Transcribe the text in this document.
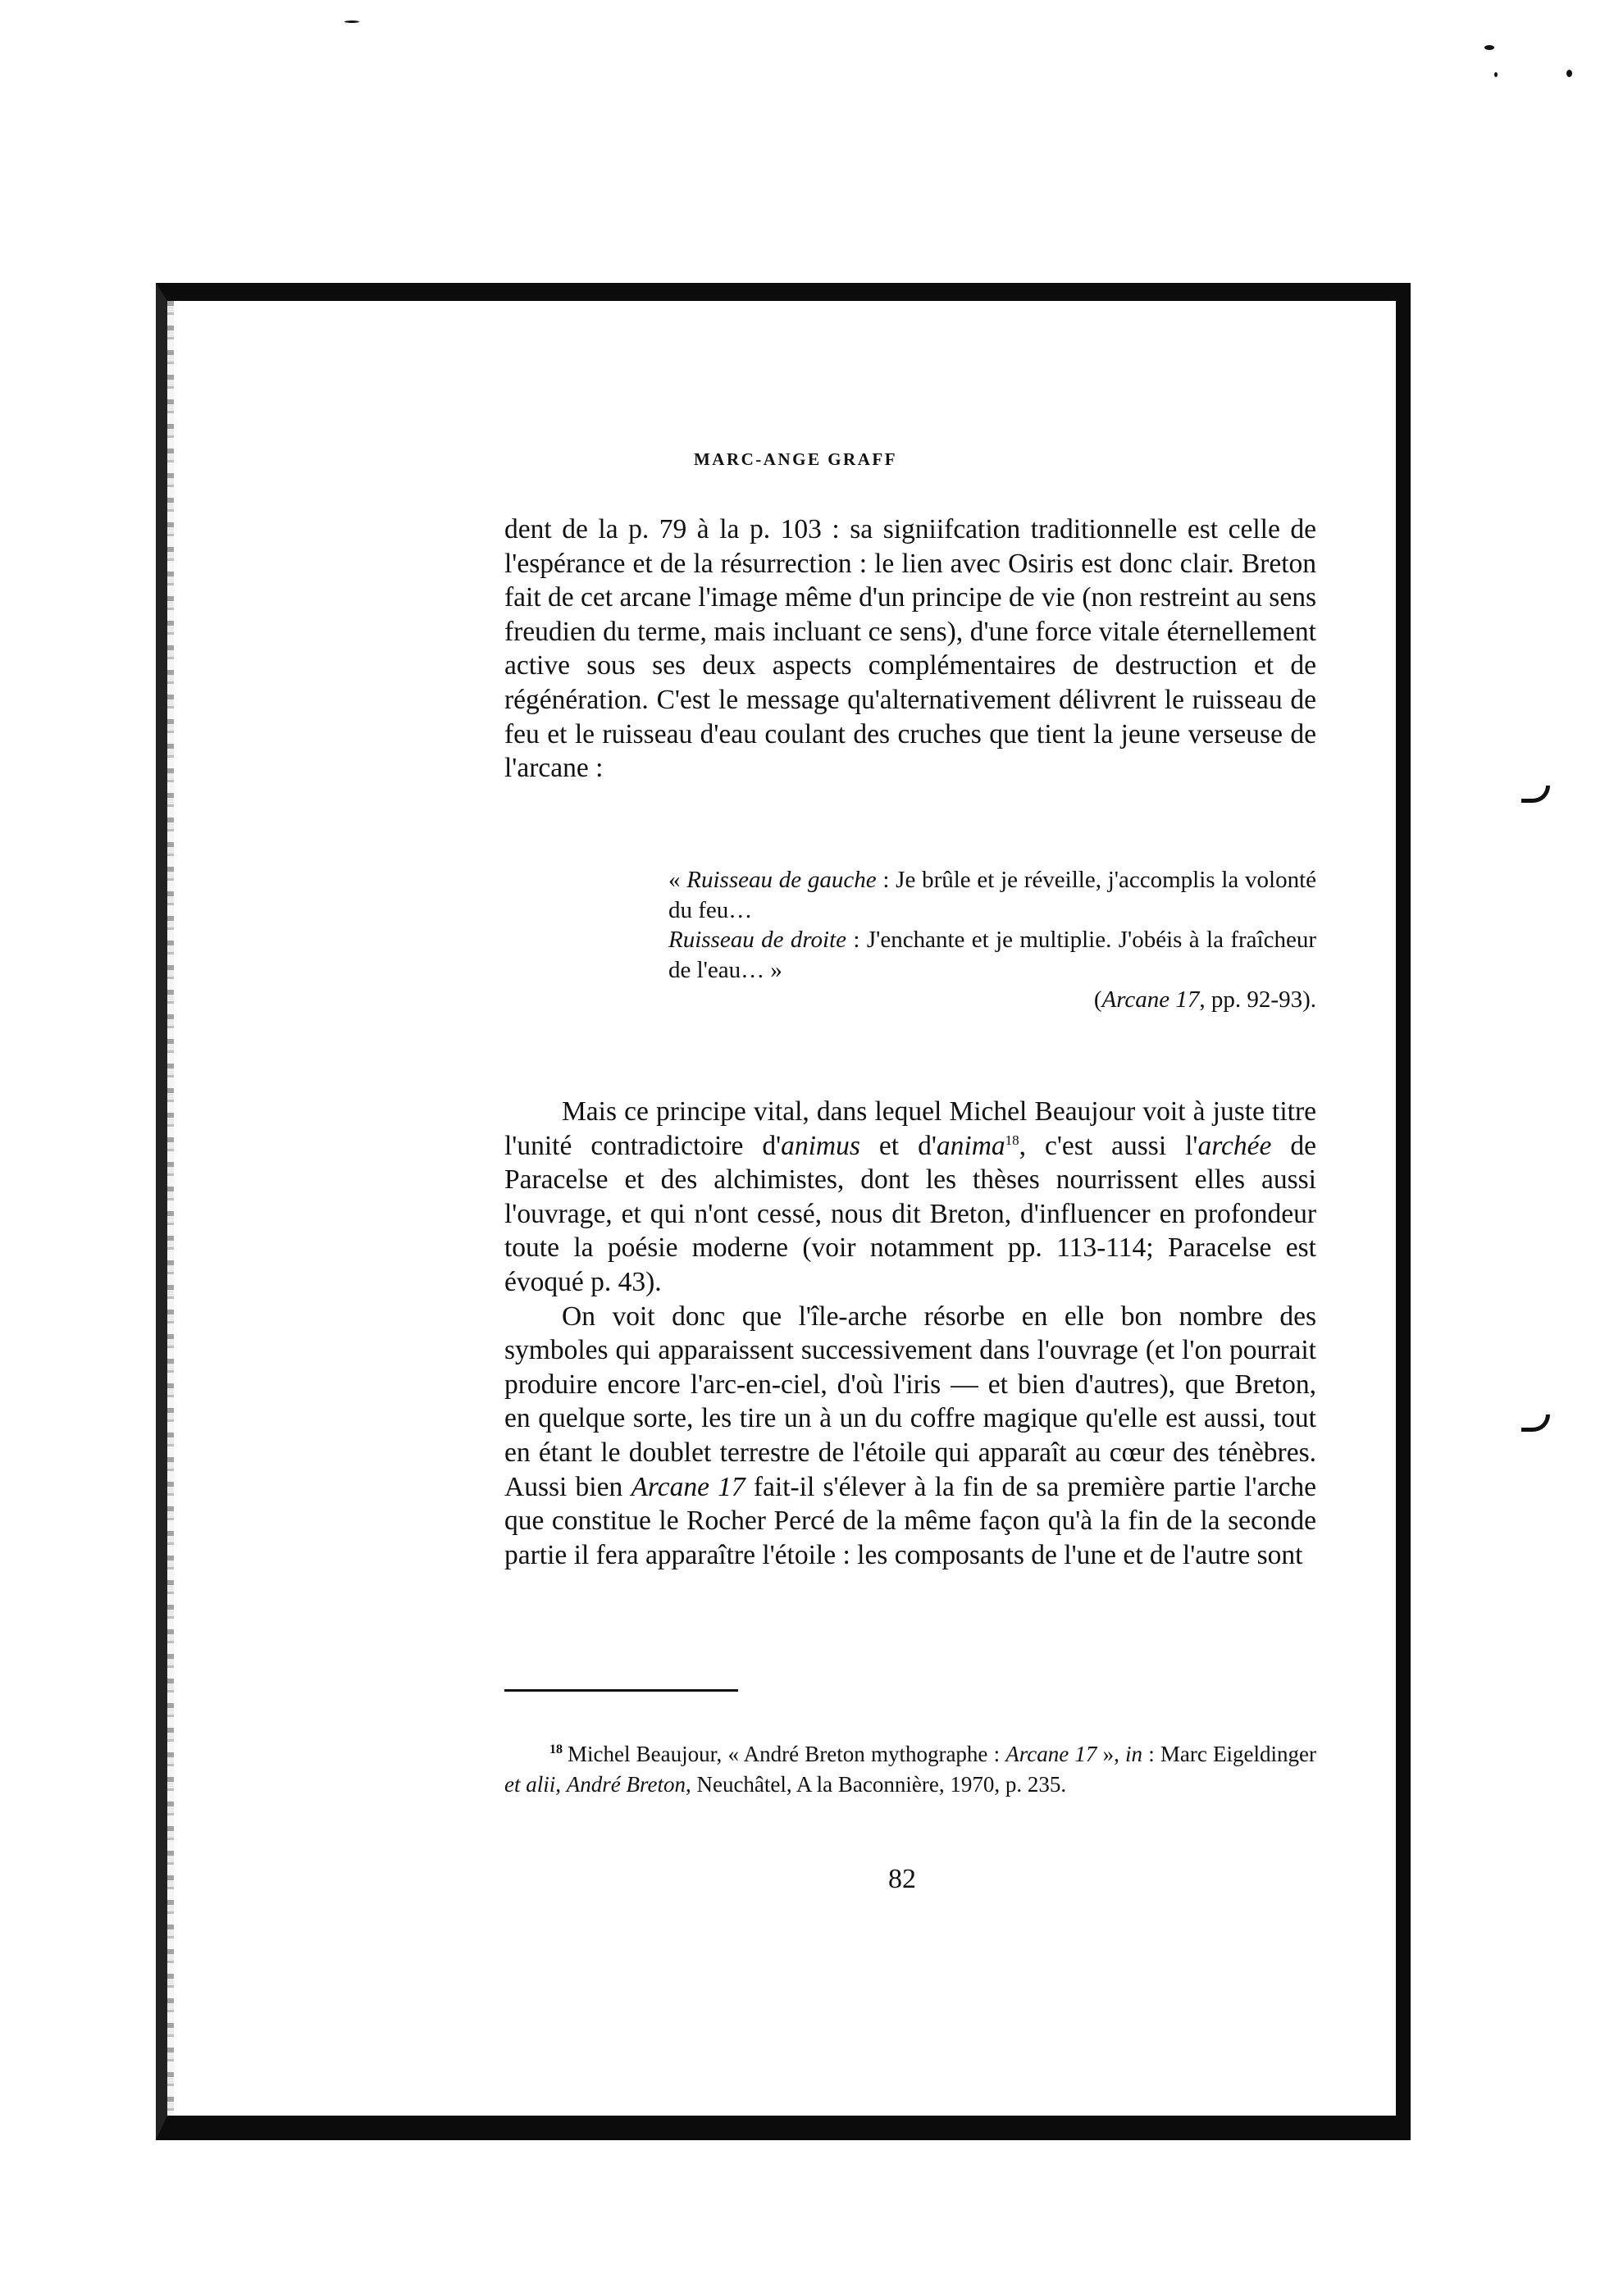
MARC-ANGE GRAFF

dent de la p. 79 à la p. 103 : sa signiifcation traditionnelle est celle de l'espérance et de la résurrection : le lien avec Osiris est donc clair. Breton fait de cet arcane l'image même d'un principe de vie (non restreint au sens freudien du terme, mais incluant ce sens), d'une force vitale éternellement active sous ses deux aspects complémentaires de destruction et de régénération. C'est le message qu'alternativement délivrent le ruisseau de feu et le ruisseau d'eau coulant des cruches que tient la jeune verseuse de l'arcane :

« Ruisseau de gauche : Je brûle et je réveille, j'accomplis la volonté du feu…

Ruisseau de droite : J'enchante et je multiplie. J'obéis à la fraîcheur de l'eau… »

(Arcane 17, pp. 92-93).

Mais ce principe vital, dans lequel Michel Beaujour voit à juste titre l'unité contradictoire d'animus et d'anima$^{18}$, c'est aussi l'archée de Paracelse et des alchimistes, dont les thèses nourrissent elles aussi l'ouvrage, et qui n'ont cessé, nous dit Breton, d'influencer en profondeur toute la poésie moderne (voir notamment pp. 113-114; Paracelse est évoqué p. 43).

On voit donc que l'île-arche résorbe en elle bon nombre des symboles qui apparaissent successivement dans l'ouvrage (et l'on pourrait produire encore l'arc-en-ciel, d'où l'iris — et bien d'autres), que Breton, en quelque sorte, les tire un à un du coffre magique qu'elle est aussi, tout en étant le doublet terrestre de l'étoile qui apparaît au cœur des ténèbres. Aussi bien Arcane 17 fait-il s'élever à la fin de sa première partie l'arche que constitue le Rocher Percé de la même façon qu'à la fin de la seconde partie il fera apparaître l'étoile : les composants de l'une et de l'autre sont

$^{18}$ Michel Beaujour, « André Breton mythographe : Arcane 17 », in : Marc Eigeldinger et alii, André Breton, Neuchâtel, A la Baconnière, 1970, p. 235.
82
